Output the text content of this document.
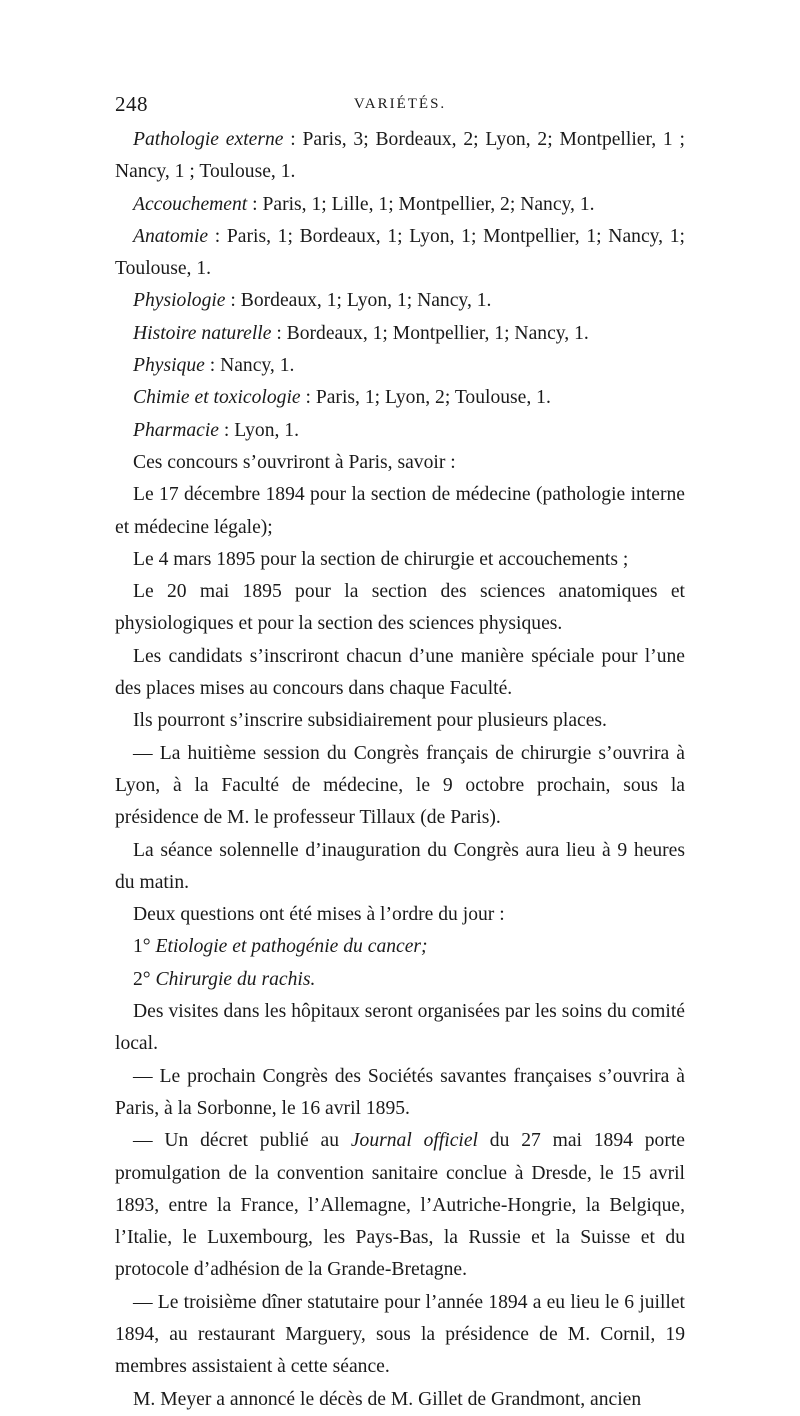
248	VARIÉTÉS.

Pathologie externe : Paris, 3; Bordeaux, 2; Lyon, 2; Montpellier, 1 ; Nancy, 1 ; Toulouse, 1.

Accouchement : Paris, 1; Lille, 1; Montpellier, 2; Nancy, 1.

Anatomie : Paris, 1; Bordeaux, 1; Lyon, 1; Montpellier, 1; Nancy, 1; Toulouse, 1.

Physiologie : Bordeaux, 1; Lyon, 1; Nancy, 1.

Histoire naturelle : Bordeaux, 1; Montpellier, 1; Nancy, 1.

Physique : Nancy, 1.

Chimie et toxicologie : Paris, 1; Lyon, 2; Toulouse, 1.

Pharmacie : Lyon, 1.

Ces concours s’ouvriront à Paris, savoir :

Le 17 décembre 1894 pour la section de médecine (pathologie interne et médecine légale);

Le 4 mars 1895 pour la section de chirurgie et accouchements ;

Le 20 mai 1895 pour la section des sciences anatomiques et physiologiques et pour la section des sciences physiques.

Les candidats s’inscriront chacun d’une manière spéciale pour l’une des places mises au concours dans chaque Faculté.

Ils pourront s’inscrire subsidiairement pour plusieurs places.

— La huitième session du Congrès français de chirurgie s’ouvrira à Lyon, à la Faculté de médecine, le 9 octobre prochain, sous la présidence de M. le professeur Tillaux (de Paris).

La séance solennelle d’inauguration du Congrès aura lieu à 9 heures du matin.

Deux questions ont été mises à l’ordre du jour :

1° Etiologie et pathogénie du cancer;

2° Chirurgie du rachis.

Des visites dans les hôpitaux seront organisées par les soins du comité local.

— Le prochain Congrès des Sociétés savantes françaises s’ouvrira à Paris, à la Sorbonne, le 16 avril 1895.

— Un décret publié au Journal officiel du 27 mai 1894 porte promulgation de la convention sanitaire conclue à Dresde, le 15 avril 1893, entre la France, l’Allemagne, l’Autriche-Hongrie, la Belgique, l’Italie, le Luxembourg, les Pays-Bas, la Russie et la Suisse et du protocole d’adhésion de la Grande-Bretagne.

— Le troisième dîner statutaire pour l’année 1894 a eu lieu le 6 juillet 1894, au restaurant Marguery, sous la présidence de M. Cornil, 19 membres assistaient à cette séance.

M. Meyer a annoncé le décès de M. Gillet de Grandmont, ancien
